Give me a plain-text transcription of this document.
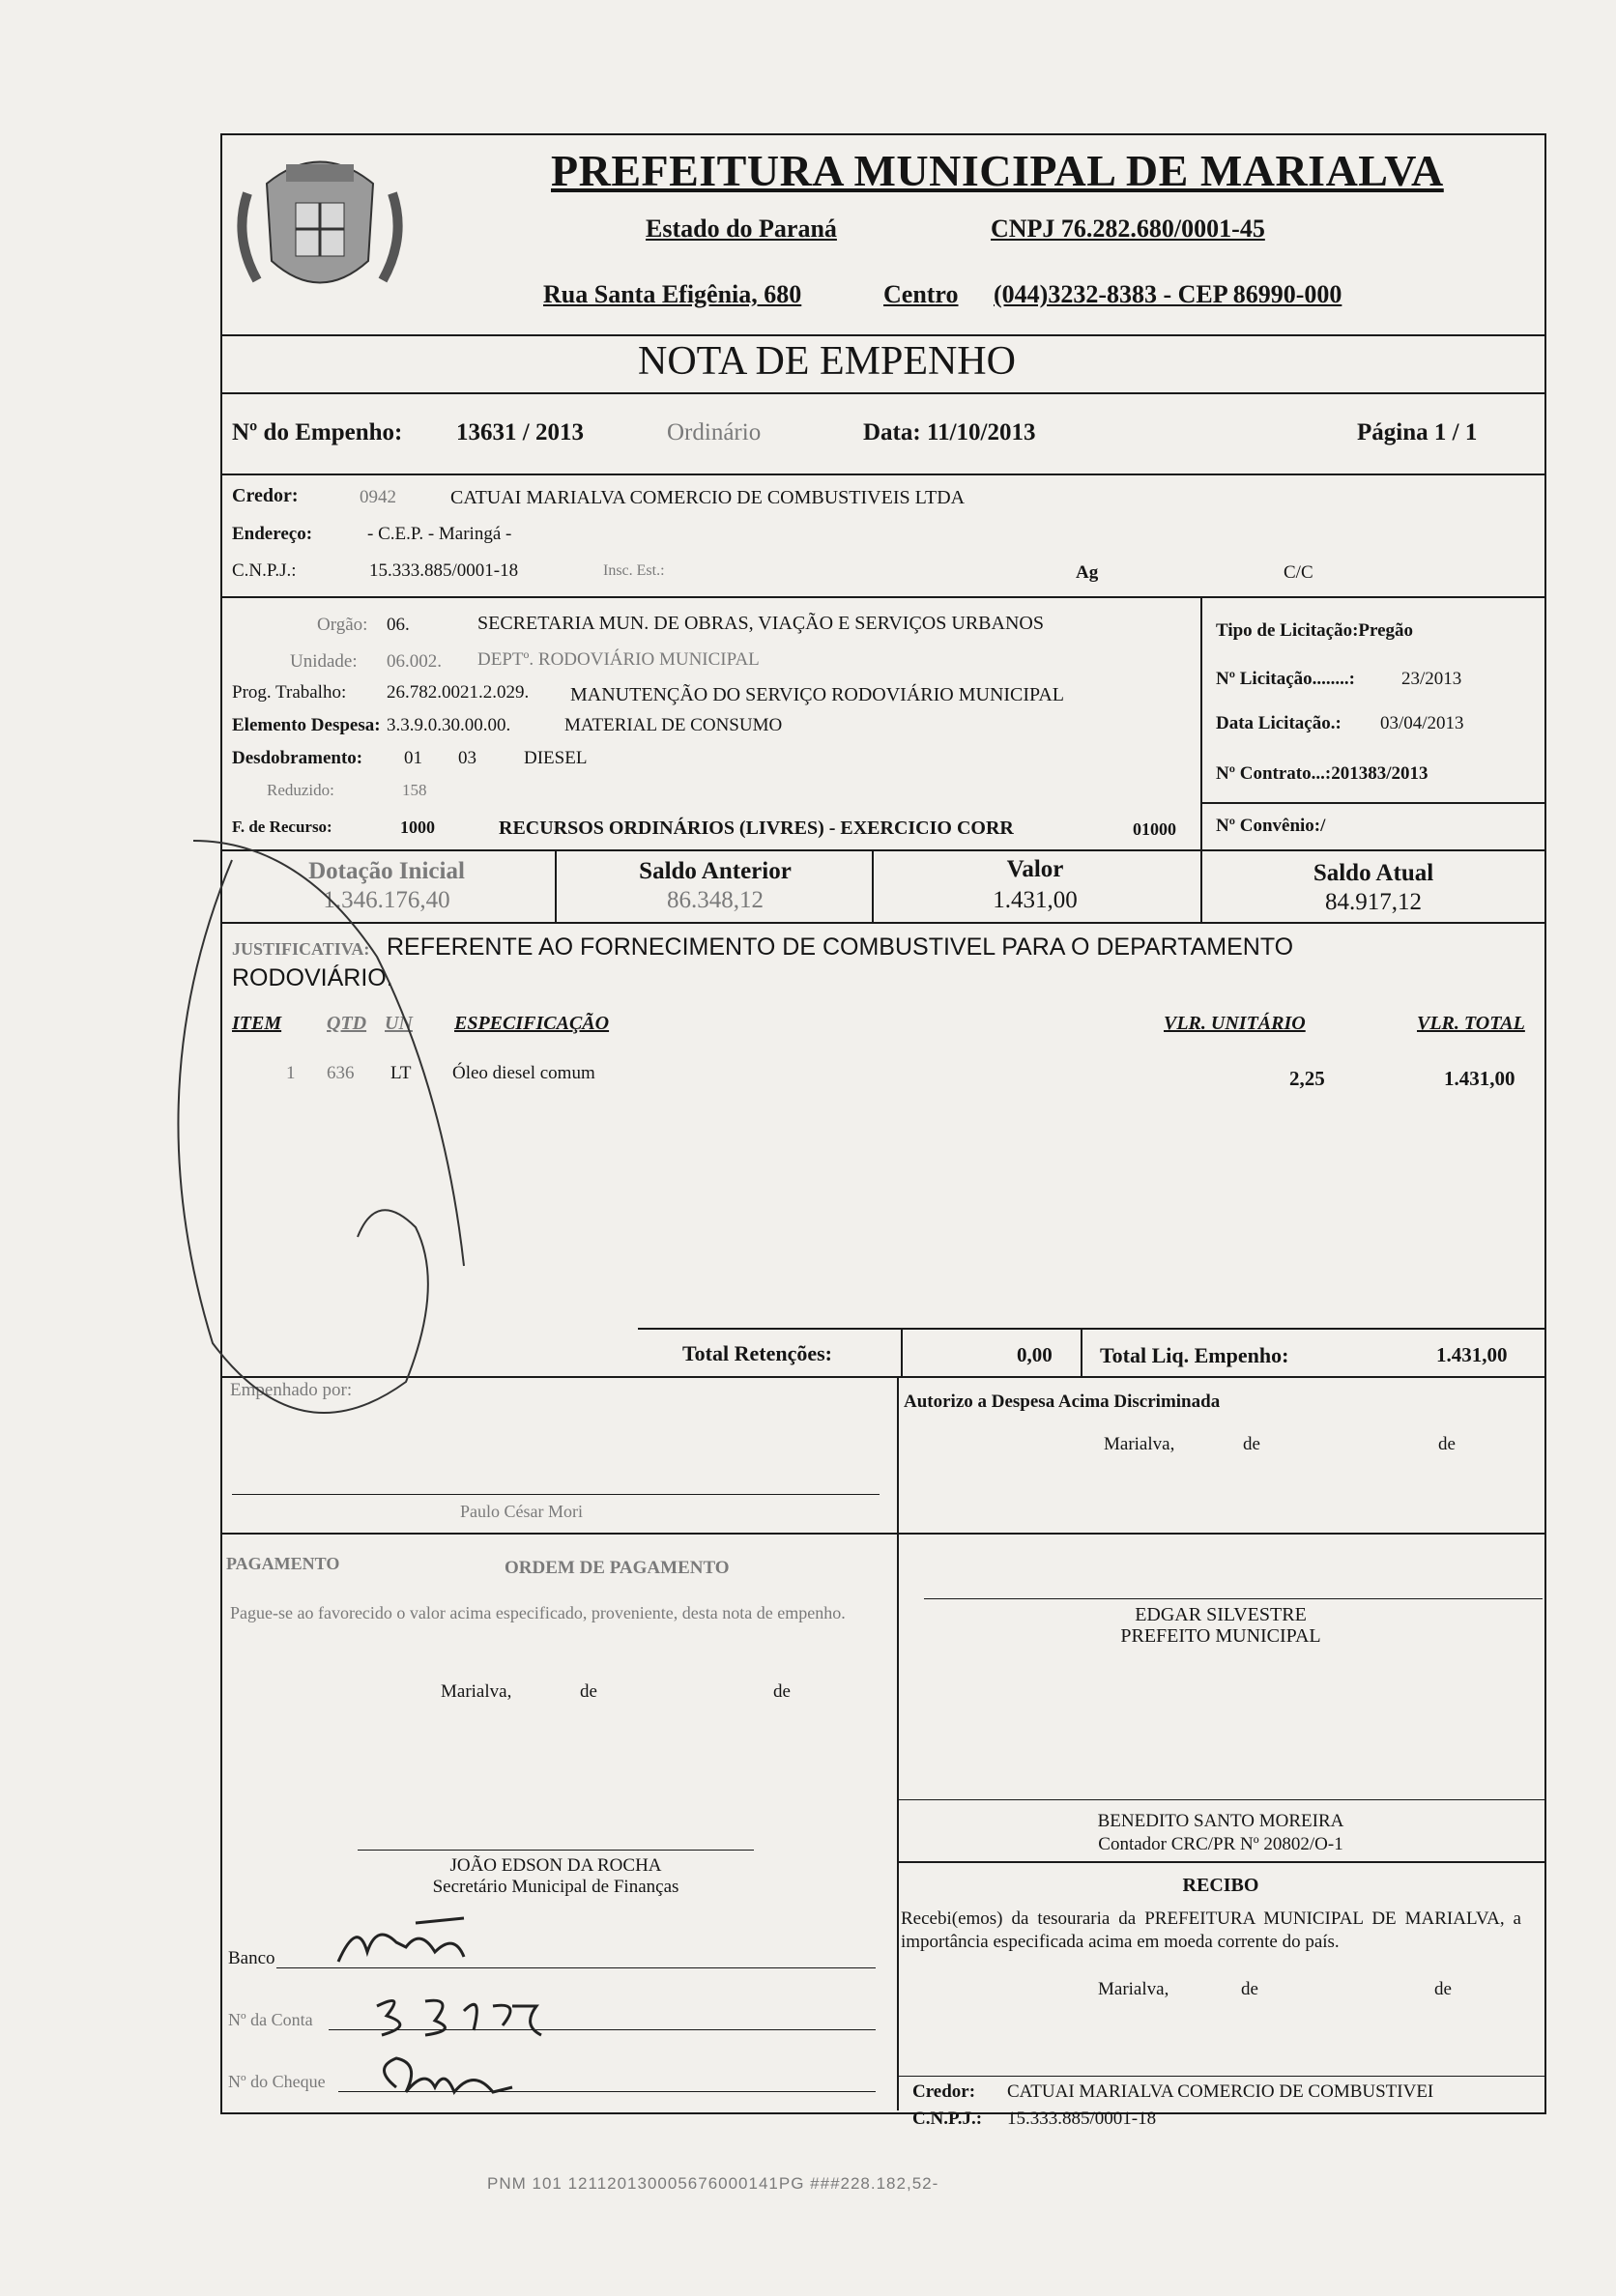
PREFEITURA MUNICIPAL DE MARIALVA
Estado do Paraná	CNPJ 76.282.680/0001-45
Rua Santa Efigênia, 680	Centro (044)3232-8383 - CEP 86990-000
NOTA DE EMPENHO
Nº do Empenho: 13631 / 2013	Ordinário	Data: 11/10/2013	Página 1 / 1
Credor:	0942	CATUAI MARIALVA COMERCIO DE COMBUSTIVEIS LTDA
Endereço:	- C.E.P. - Maringá -
C.N.P.J.:	15.333.885/0001-18	Insc. Est.:	Ag	C/C
Orgão: 06.	SECRETARIA MUN. DE OBRAS, VIAÇÃO E SERVIÇOS URBANOS
Unidade: 06.002. DEPTº. RODOVIÁRIO MUNICIPAL
Prog. Trabalho: 26.782.0021.2.029. MANUTENÇÃO DO SERVIÇO RODOVIÁRIO MUNICIPAL
Elemento Despesa: 3.3.9.0.30.00.00.	MATERIAL DE CONSUMO
Desdobramento: 01 03	DIESEL
Reduzido:	158
F. de Recurso:	1000	RECURSOS ORDINÁRIOS (LIVRES) - EXERCICIO CORR	01000
Tipo de Licitação:Pregão
Nº Licitação........:	23/2013
Data Licitação.: 03/04/2013
Nº Contrato...:201383/2013
Nº Convênio:/
Dotação Inicial
1.346.176,40
Saldo Anterior
86.348,12
Valor
1.431,00
Saldo Atual
84.917,12
JUSTIFICATIVA: REFERENTE AO FORNECIMENTO DE COMBUSTIVEL PARA O DEPARTAMENTO
RODOVIÁRIO.
ITEM QTD UN ESPECIFICAÇÃO	VLR. UNITÁRIO	VLR. TOTAL
1 636 LT Óleo diesel comum	2,25	1.431,00
Total Retenções:	0,00 Total Liq. Empenho:	1.431,00
Empenhado por:
Paulo César Mori
Autorizo a Despesa Acima Discriminada
Marialva,	de	de
PAGAMENTO	ORDEM DE PAGAMENTO
Pague-se ao favorecido o valor acima especificado, proveniente, desta nota de empenho.
Marialva,	de	de
EDGAR SILVESTRE
PREFEITO MUNICIPAL
BENEDITO SANTO MOREIRA
Contador CRC/PR Nº 20802/O-1
RECIBO
JOÃO EDSON DA ROCHA
Secretário Municipal de Finanças
Banco
Nº da Conta
Nº do Cheque
Recebi(emos) da tesouraria da PREFEITURA MUNICIPAL DE MARIALVA, a importância especificada acima em moeda corrente do país.
Marialva,	de	de
Credor: CATUAI MARIALVA COMERCIO DE COMBUSTIVEI
C.N.P.J.: 15.333.885/0001-18
PNM 101 121120130005676000141PG ###228.182,52-
